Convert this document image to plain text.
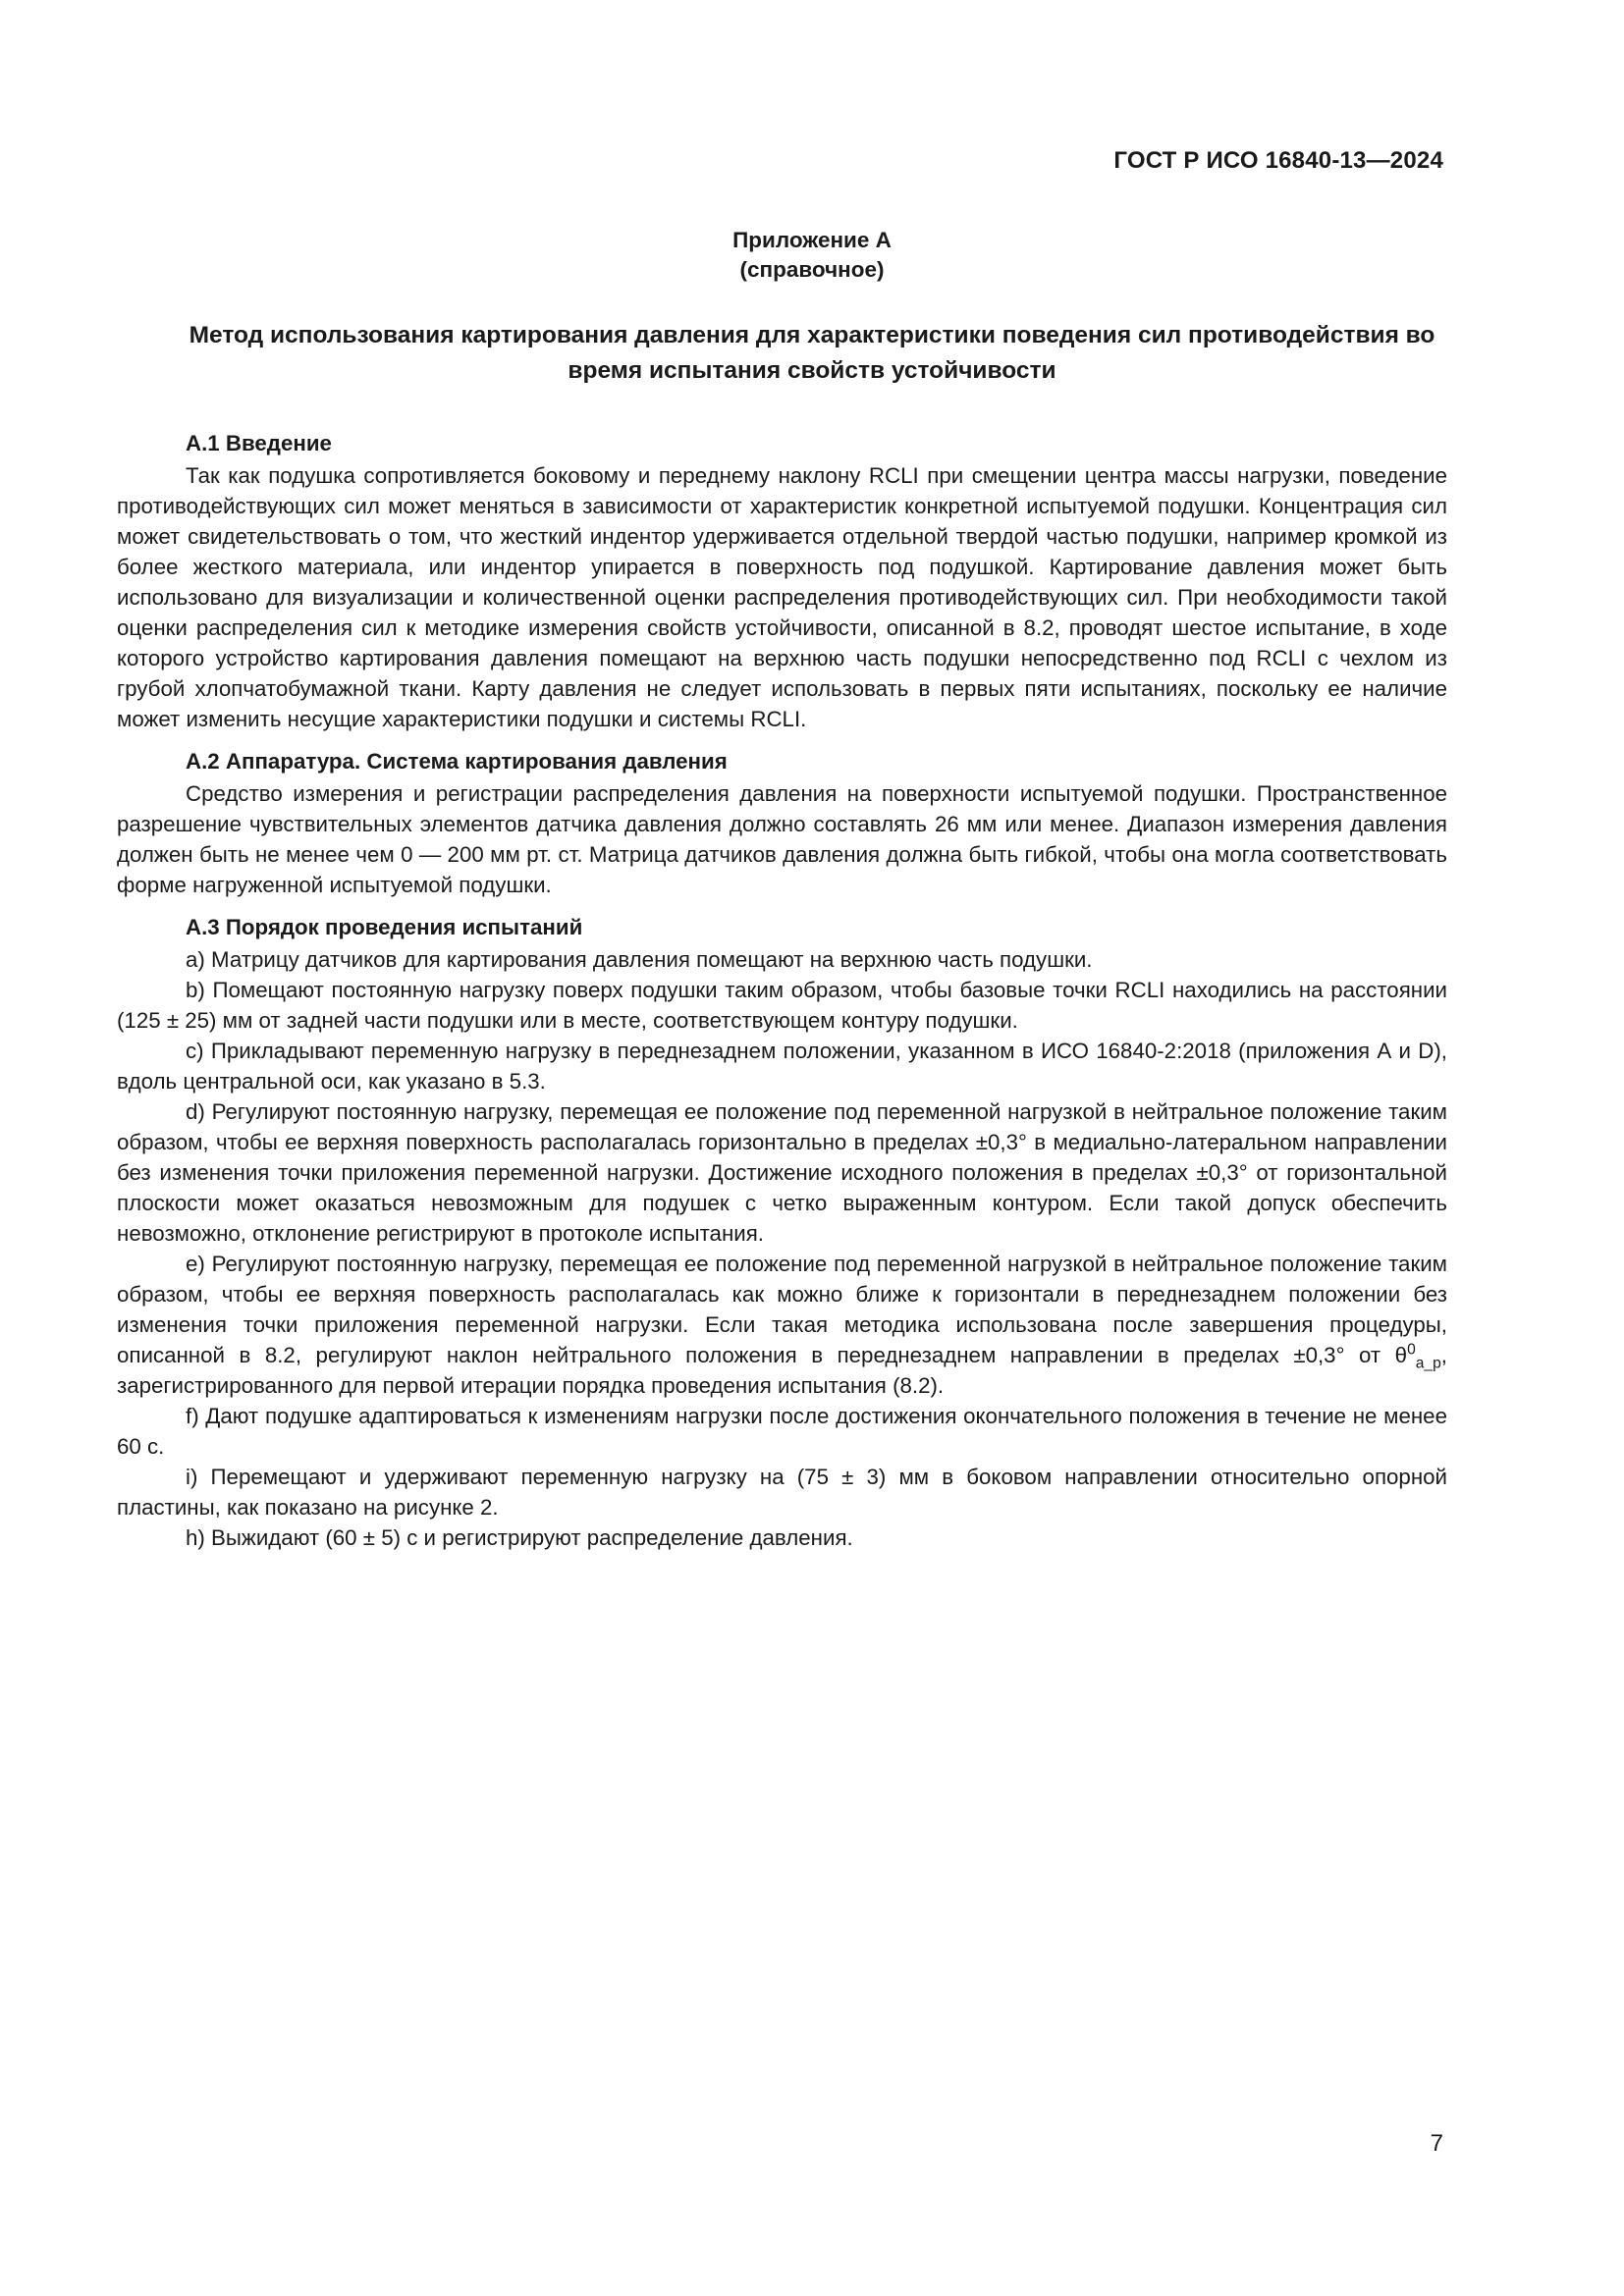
ГОСТ Р ИСО 16840-13—2024
Приложение А
(справочное)
Метод использования картирования давления для характеристики поведения сил противодействия во время испытания свойств устойчивости
А.1 Введение

Так как подушка сопротивляется боковому и переднему наклону RCLI при смещении центра массы нагрузки, поведение противодействующих сил может меняться в зависимости от характеристик конкретной испытуемой подушки. Концентрация сил может свидетельствовать о том, что жесткий индентор удерживается отдельной твердой частью подушки, например кромкой из более жесткого материала, или индентор упирается в поверхность под подушкой. Картирование давления может быть использовано для визуализации и количественной оценки распределения противодействующих сил. При необходимости такой оценки распределения сил к методике измерения свойств устойчивости, описанной в 8.2, проводят шестое испытание, в ходе которого устройство картирования давления помещают на верхнюю часть подушки непосредственно под RCLI с чехлом из грубой хлопчатобумажной ткани. Карту давления не следует использовать в первых пяти испытаниях, поскольку ее наличие может изменить несущие характеристики подушки и системы RCLI.

А.2 Аппаратура. Система картирования давления

Средство измерения и регистрации распределения давления на поверхности испытуемой подушки. Пространственное разрешение чувствительных элементов датчика давления должно составлять 26 мм или менее. Диапазон измерения давления должен быть не менее чем 0 — 200 мм рт. ст. Матрица датчиков давления должна быть гибкой, чтобы она могла соответствовать форме нагруженной испытуемой подушки.

А.3 Порядок проведения испытаний

a) Матрицу датчиков для картирования давления помещают на верхнюю часть подушки.

b) Помещают постоянную нагрузку поверх подушки таким образом, чтобы базовые точки RCLI находились на расстоянии (125 ± 25) мм от задней части подушки или в месте, соответствующем контуру подушки.

c) Прикладывают переменную нагрузку в переднезаднем положении, указанном в ИСО 16840-2:2018 (приложения А и D), вдоль центральной оси, как указано в 5.3.

d) Регулируют постоянную нагрузку, перемещая ее положение под переменной нагрузкой в нейтральное положение таким образом, чтобы ее верхняя поверхность располагалась горизонтально в пределах ±0,3° в медиально-латеральном направлении без изменения точки приложения переменной нагрузки. Достижение исходного положения в пределах ±0,3° от горизонтальной плоскости может оказаться невозможным для подушек с четко выраженным контуром. Если такой допуск обеспечить невозможно, отклонение регистрируют в протоколе испытания.

e) Регулируют постоянную нагрузку, перемещая ее положение под переменной нагрузкой в нейтральное положение таким образом, чтобы ее верхняя поверхность располагалась как можно ближе к горизонтали в переднезаднем положении без изменения точки приложения переменной нагрузки. Если такая методика использована после завершения процедуры, описанной в 8.2, регулируют наклон нейтрального положения в переднезаднем направлении в пределах ±0,3° от $\theta^0_{a\_p}$, зарегистрированного для первой итерации порядка проведения испытания (8.2).

f) Дают подушке адаптироваться к изменениям нагрузки после достижения окончательного положения в течение не менее 60 с.

i) Перемещают и удерживают переменную нагрузку на (75 ± 3) мм в боковом направлении относительно опорной пластины, как показано на рисунке 2.

h) Выжидают (60 ± 5) с и регистрируют распределение давления.

7
